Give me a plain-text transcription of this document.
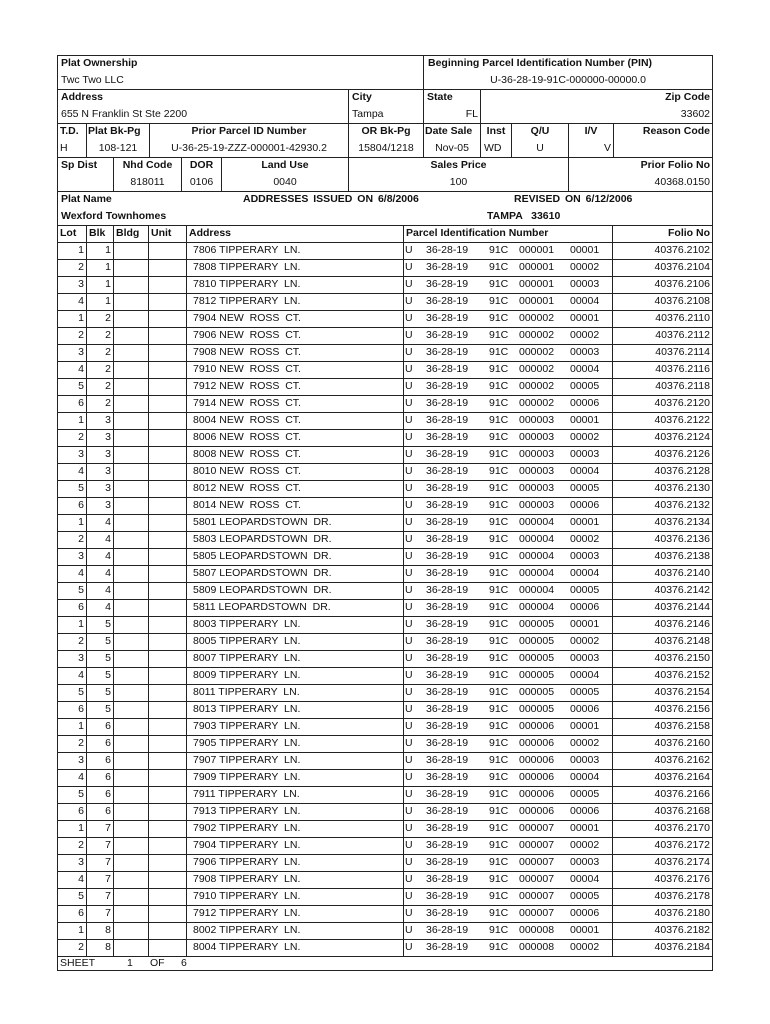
Plat Ownership
Twc Two LLC
Beginning Parcel Identification Number (PIN)
U-36-28-19-91C-000000-00000.0
Address
655 N Franklin St Ste 2200
City
Tampa
State
FL
Zip Code
33602
T.D.
H
Plat Bk-Pg
108-121
Prior Parcel ID Number
U-36-25-19-ZZZ-000001-42930.2
OR Bk-Pg
15804/1218
Date Sale
Nov-05
Inst
WD
Q/U
U
I/V
V
Reason Code
Sp Dist	Nhd Code
818011
DOR
0106
Land Use
0040
Sales Price
100
Prior Folio No
40368.0150
Plat Name	ADDRESSES ISSUED ON 6/8/2006	REVISED ON 6/12/2006
Wexford Townhomes	TAMPA   33610
Lot Blk Bldg Unit Address	Parcel Identification Number	Folio No
1	1	7806 TIPPERARY  LN.	U	36-28-19	91C	000001	00001	40376.2102
2	1	7808 TIPPERARY  LN.	U	36-28-19	91C	000001	00002	40376.2104
3	1	7810 TIPPERARY  LN.	U	36-28-19	91C	000001	00003	40376.2106
4	1	7812 TIPPERARY  LN.	U	36-28-19	91C	000001	00004	40376.2108
1	2	7904 NEW  ROSS  CT.	U	36-28-19	91C	000002	00001	40376.2110
2	2	7906 NEW  ROSS  CT.	U	36-28-19	91C	000002	00002	40376.2112
3	2	7908 NEW  ROSS  CT.	U	36-28-19	91C	000002	00003	40376.2114
4	2	7910 NEW  ROSS  CT.	U	36-28-19	91C	000002	00004	40376.2116
5	2	7912 NEW  ROSS  CT.	U	36-28-19	91C	000002	00005	40376.2118
6	2	7914 NEW  ROSS  CT.	U	36-28-19	91C	000002	00006	40376.2120
1	3	8004 NEW  ROSS  CT.	U	36-28-19	91C	000003	00001	40376.2122
2	3	8006 NEW  ROSS  CT.	U	36-28-19	91C	000003	00002	40376.2124
3	3	8008 NEW  ROSS  CT.	U	36-28-19	91C	000003	00003	40376.2126
4	3	8010 NEW  ROSS  CT.	U	36-28-19	91C	000003	00004	40376.2128
5	3	8012 NEW  ROSS  CT.	U	36-28-19	91C	000003	00005	40376.2130
6	3	8014 NEW  ROSS  CT.	U	36-28-19	91C	000003	00006	40376.2132
1	4	5801 LEOPARDSTOWN  DR.	U	36-28-19	91C	000004	00001	40376.2134
2	4	5803 LEOPARDSTOWN  DR.	U	36-28-19	91C	000004	00002	40376.2136
3	4	5805 LEOPARDSTOWN  DR.	U	36-28-19	91C	000004	00003	40376.2138
4	4	5807 LEOPARDSTOWN  DR.	U	36-28-19	91C	000004	00004	40376.2140
5	4	5809 LEOPARDSTOWN  DR.	U	36-28-19	91C	000004	00005	40376.2142
6	4	5811 LEOPARDSTOWN  DR.	U	36-28-19	91C	000004	00006	40376.2144
1	5	8003 TIPPERARY  LN.	U	36-28-19	91C	000005	00001	40376.2146
2	5	8005 TIPPERARY  LN.	U	36-28-19	91C	000005	00002	40376.2148
3	5	8007 TIPPERARY  LN.	U	36-28-19	91C	000005	00003	40376.2150
4	5	8009 TIPPERARY  LN.	U	36-28-19	91C	000005	00004	40376.2152
5	5	8011 TIPPERARY  LN.	U	36-28-19	91C	000005	00005	40376.2154
6	5	8013 TIPPERARY  LN.	U	36-28-19	91C	000005	00006	40376.2156
1	6	7903 TIPPERARY  LN.	U	36-28-19	91C	000006	00001	40376.2158
2	6	7905 TIPPERARY  LN.	U	36-28-19	91C	000006	00002	40376.2160
3	6	7907 TIPPERARY  LN.	U	36-28-19	91C	000006	00003	40376.2162
4	6	7909 TIPPERARY  LN.	U	36-28-19	91C	000006	00004	40376.2164
5	6	7911 TIPPERARY  LN.	U	36-28-19	91C	000006	00005	40376.2166
6	6	7913 TIPPERARY  LN.	U	36-28-19	91C	000006	00006	40376.2168
1	7	7902 TIPPERARY  LN.	U	36-28-19	91C	000007	00001	40376.2170
2	7	7904 TIPPERARY  LN.	U	36-28-19	91C	000007	00002	40376.2172
3	7	7906 TIPPERARY  LN.	U	36-28-19	91C	000007	00003	40376.2174
4	7	7908 TIPPERARY  LN.	U	36-28-19	91C	000007	00004	40376.2176
5	7	7910 TIPPERARY  LN.	U	36-28-19	91C	000007	00005	40376.2178
6	7	7912 TIPPERARY  LN.	U	36-28-19	91C	000007	00006	40376.2180
1	8	8002 TIPPERARY  LN.	U	36-28-19	91C	000008	00001	40376.2182
2	8	8004 TIPPERARY  LN.	U	36-28-19	91C	000008	00002	40376.2184
SHEET	1 OF 6
